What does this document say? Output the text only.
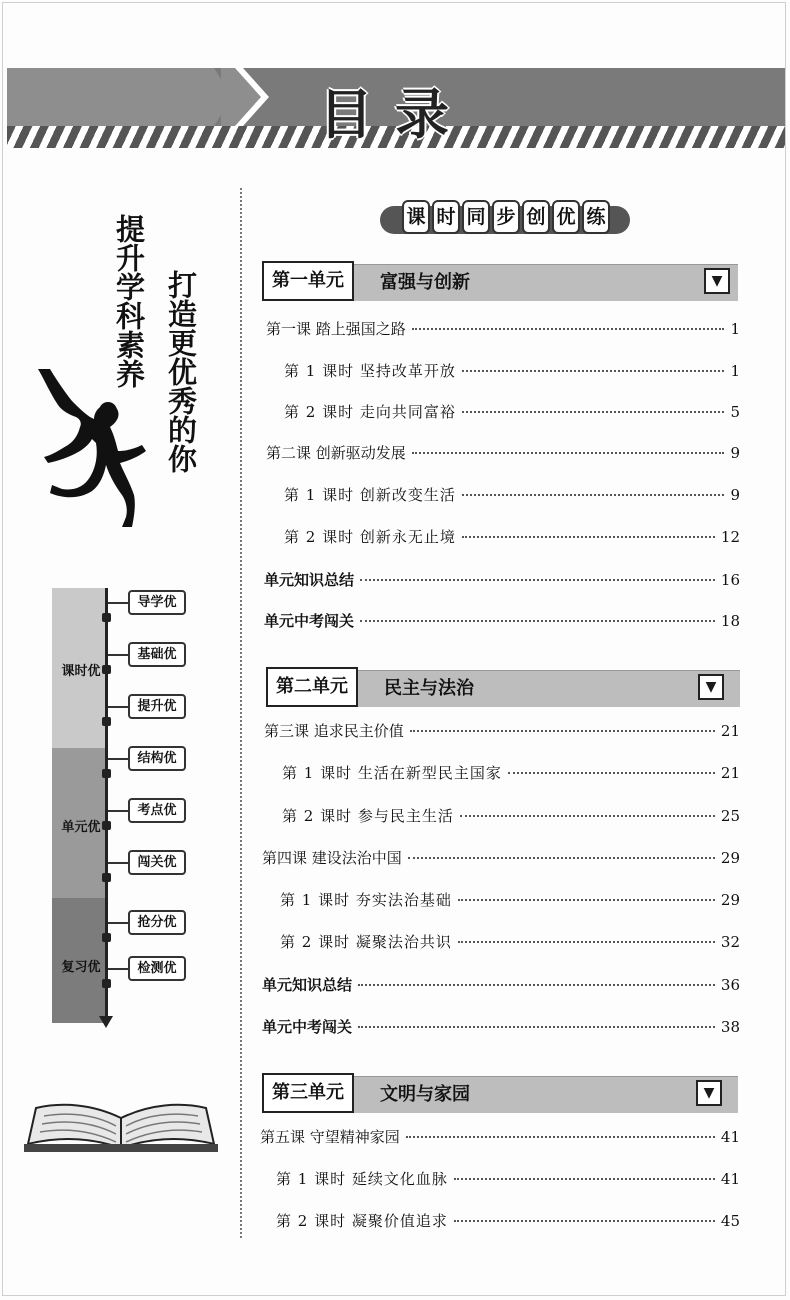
目录
提升学科素养 打造更优秀的你
课时优
单元优
复习优
导学优
基础优
提升优
结构优
考点优
闯关优
抢分优
检测优
课 时 同 步 创 优 练
第一单元	富强与创新	▼
第一课 踏上强国之路	1
第 1 课时 坚持改革开放	1
第 2 课时 走向共同富裕	5
第二课 创新驱动发展	9
第 1 课时 创新改变生活	9
第 2 课时 创新永无止境	12
单元知识总结	16
单元中考闯关	18
第二单元	民主与法治	▼
第三课 追求民主价值	21
第 1 课时 生活在新型民主国家	21
第 2 课时 参与民主生活	25
第四课 建设法治中国	29
第 1 课时 夯实法治基础	29
第 2 课时 凝聚法治共识	32
单元知识总结	36
单元中考闯关	38
第三单元	文明与家园	▼
第五课 守望精神家园	41
第 1 课时 延续文化血脉	41
第 2 课时 凝聚价值追求	45
